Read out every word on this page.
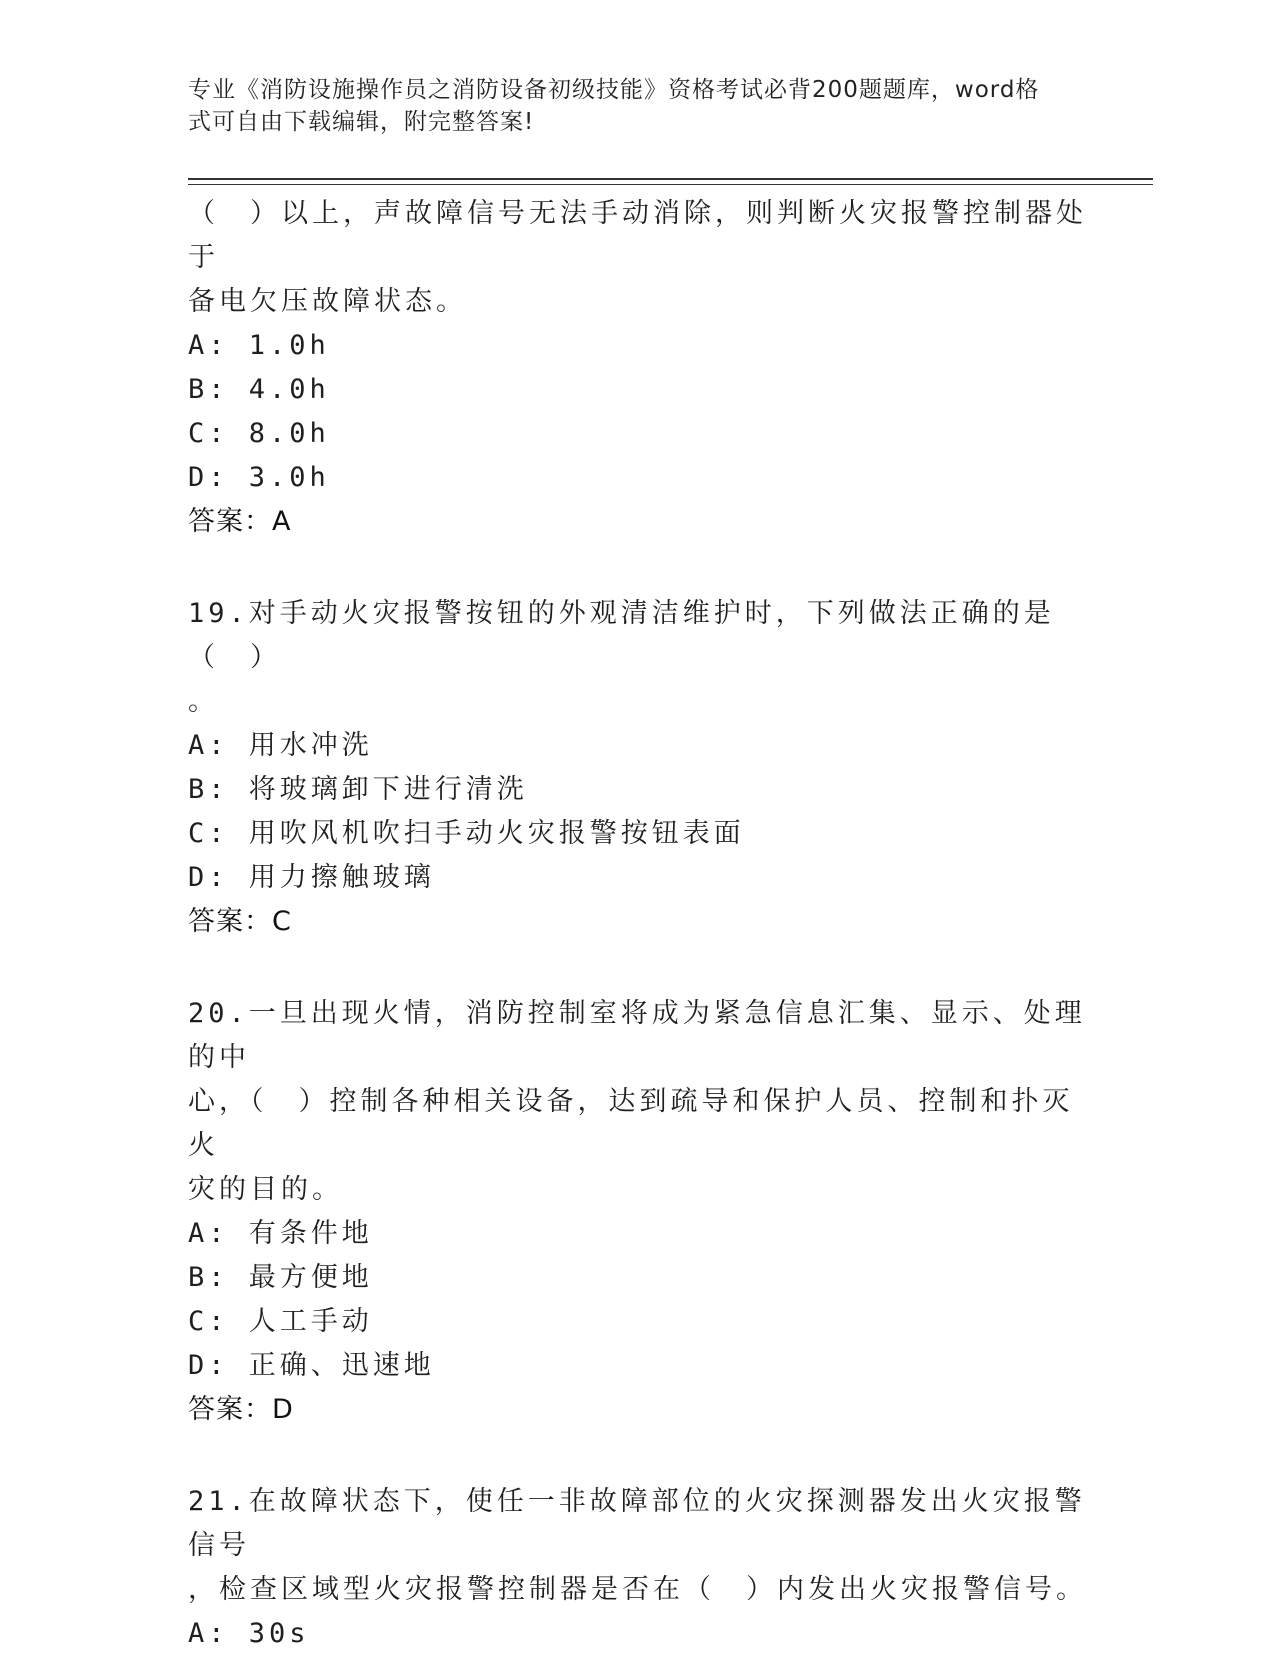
专业《消防设施操作员之消防设备初级技能》资格考试必背200题题库，word格
式可自由下载编辑，附完整答案!

（　）以上，声故障信号无法手动消除，则判断火灾报警控制器处于

备电欠压故障状态。

A: 1.0h

B: 4.0h

C: 8.0h

D: 3.0h

答案：A

19.对手动火灾报警按钮的外观清洁维护时，下列做法正确的是（　）

。

A: 用水冲洗

B: 将玻璃卸下进行清洗

C: 用吹风机吹扫手动火灾报警按钮表面

D: 用力擦触玻璃

答案：C

20.一旦出现火情，消防控制室将成为紧急信息汇集、显示、处理的中

心，（　）控制各种相关设备，达到疏导和保护人员、控制和扑灭火

灾的目的。

A: 有条件地

B: 最方便地

C: 人工手动

D: 正确、迅速地

答案：D

21.在故障状态下，使任一非故障部位的火灾探测器发出火灾报警信号

，检查区域型火灾报警控制器是否在（　）内发出火灾报警信号。

A: 30s
